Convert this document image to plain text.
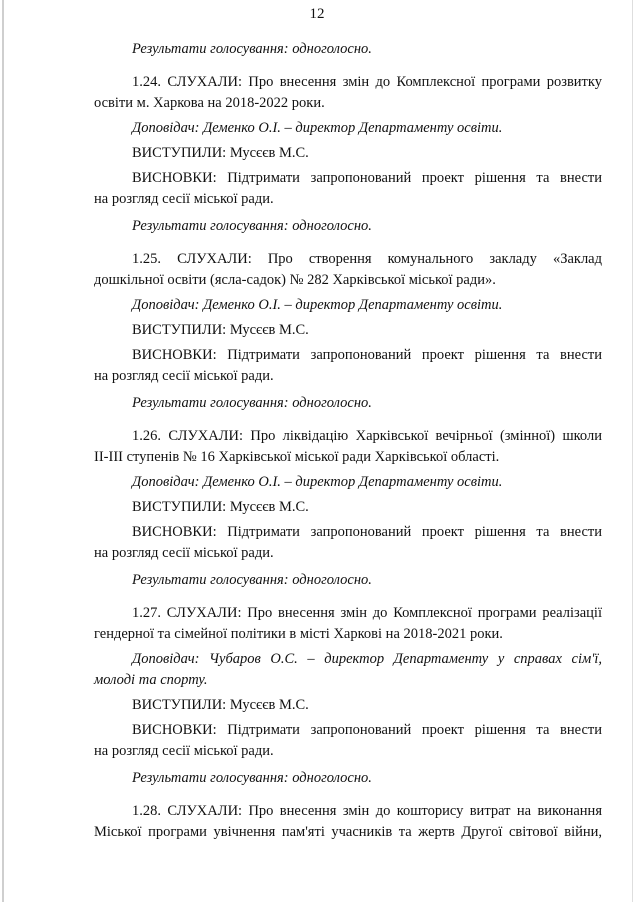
12
Результати голосування: одноголосно.
1.24. СЛУХАЛИ: Про внесення змін до Комплексної програми розвитку
освіти м. Харкова на 2018-2022 роки.
Доповідач: Деменко О.І. – директор Департаменту освіти.
ВИСТУПИЛИ: Мусєєв М.С.
ВИСНОВКИ: Підтримати запропонований проект рішення та внести
на розгляд сесії міської ради.
Результати голосування: одноголосно.
1.25. СЛУХАЛИ: Про створення комунального закладу «Заклад
дошкільної освіти (ясла-садок) № 282 Харківської міської ради».
Доповідач: Деменко О.І. – директор Департаменту освіти.
ВИСТУПИЛИ: Мусєєв М.С.
ВИСНОВКИ: Підтримати запропонований проект рішення та внести
на розгляд сесії міської ради.
Результати голосування: одноголосно.
1.26. СЛУХАЛИ: Про ліквідацію Харківської вечірньої (змінної) школи
ІІ-ІІІ ступенів № 16 Харківської міської ради Харківської області.
Доповідач: Деменко О.І. – директор Департаменту освіти.
ВИСТУПИЛИ: Мусєєв М.С.
ВИСНОВКИ: Підтримати запропонований проект рішення та внести
на розгляд сесії міської ради.
Результати голосування: одноголосно.
1.27. СЛУХАЛИ: Про внесення змін до Комплексної програми реалізації
гендерної та сімейної політики в місті Харкові на 2018-2021 роки.
Доповідач: Чубаров О.С. – директор Департаменту у справах сім'ї,
молоді та спорту.
ВИСТУПИЛИ: Мусєєв М.С.
ВИСНОВКИ: Підтримати запропонований проект рішення та внести
на розгляд сесії міської ради.
Результати голосування: одноголосно.
1.28. СЛУХАЛИ: Про внесення змін до кошторису витрат на виконання
Міської програми увічнення пам'яті учасників та жертв Другої світової війни,
